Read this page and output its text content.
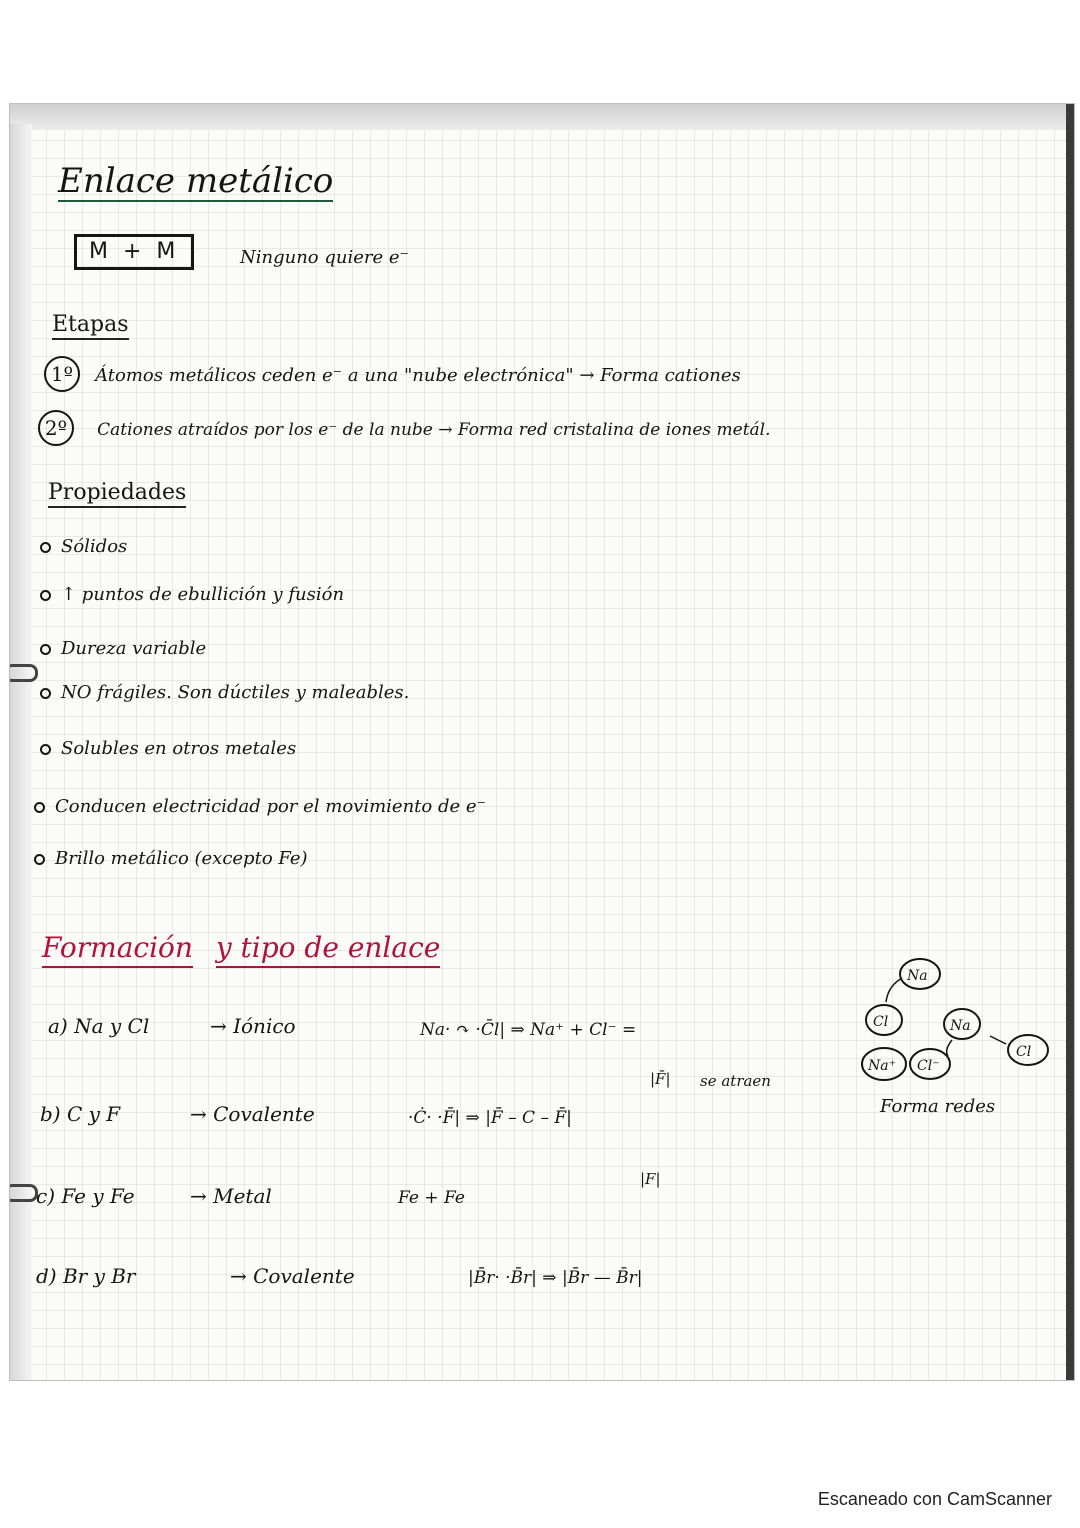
Enlace metálico
M + M	Ninguno quiere e⁻
Etapas
1º Átomos metálicos ceden e⁻ a una "nube electrónica" → Forma cationes
2º Cationes atraídos por los e⁻ de la nube → Forma red cristalina de iones metál.
Propiedades
Sólidos
↑ puntos de ebullición y fusión
Dureza variable
NO frágiles. Son dúctiles y maleables.
Solubles en otros metales
Conducen electricidad por el movimiento de e⁻
Brillo metálico (excepto Fe)
Formación y tipo de enlace
a) Na y Cl	→ Iónico	Na· ↷ ·C̄l| ⇒ Na⁺ + Cl⁻ =
se atraen
|F̄|
b) C y F	→ Covalente	·Ċ· ·F̄| ⇒ |F̄ – C – F̄|
|F|
c) Fe y Fe	→ Metal	Fe + Fe
d) Br y Br	→ Covalente	|B̄r· ·B̄r| ⇒ |B̄r — B̄r|
Na
Cl	Na
Cl
Na⁺ Cl⁻
Forma redes
Escaneado con CamScanner
